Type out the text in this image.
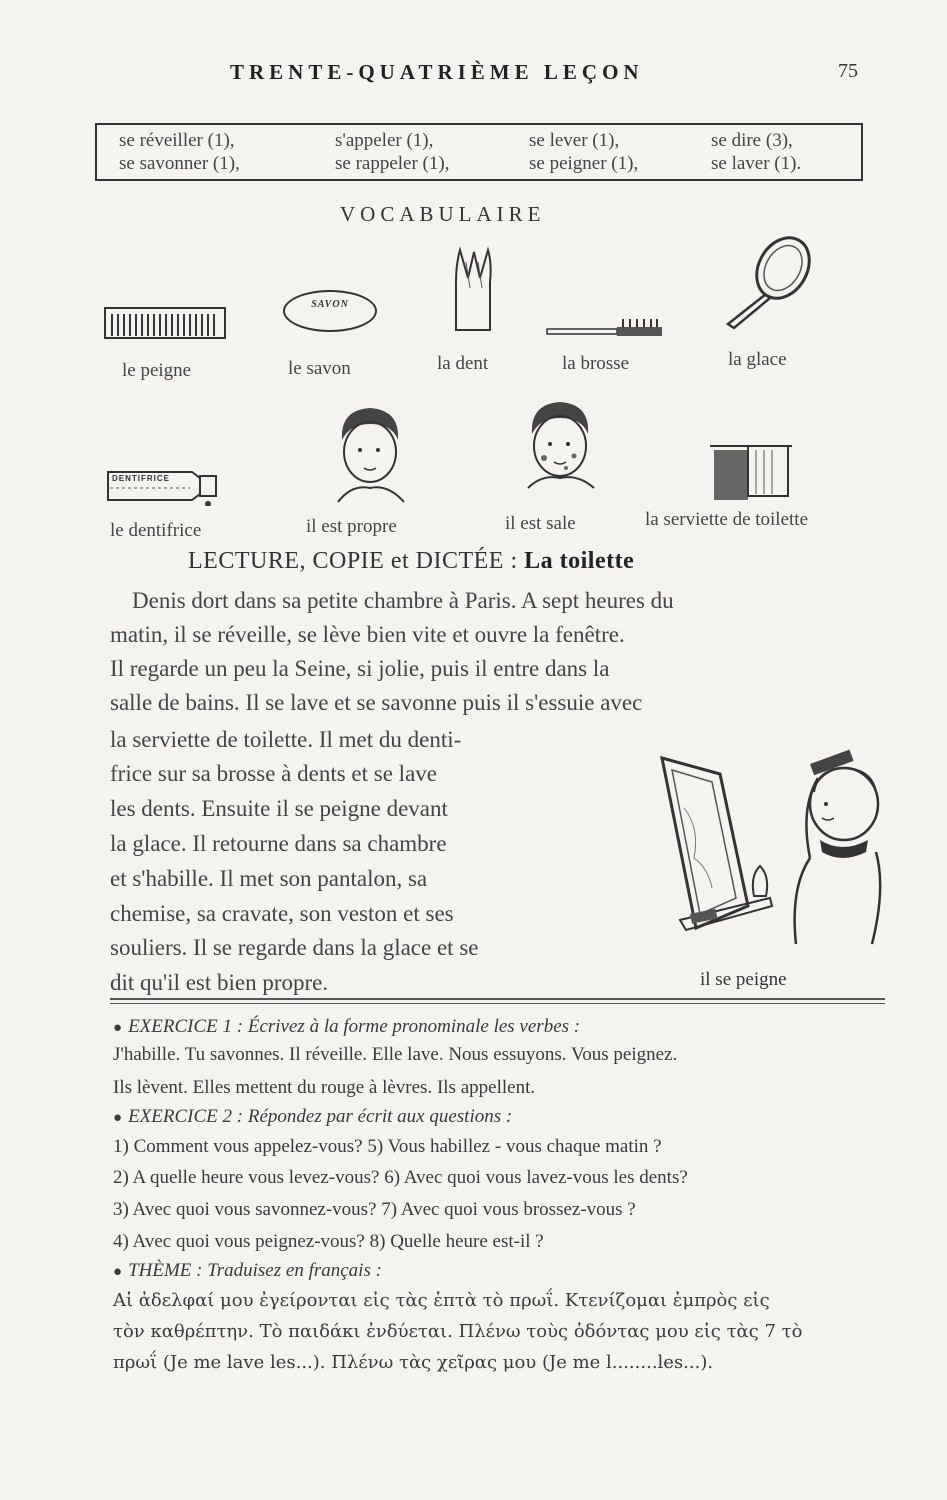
TRENTE-QUATRIÈME LEÇON	75
se réveiller (1),	s'appeler (1),	se lever (1),	se dire (3),
se savonner (1),	se rappeler (1),	se peigner (1),	se laver (1).
VOCABULAIRE
SAVON
le peigne	le savon	la dent	la brosse	la glace
DENTIFRICE
le dentifrice	il est propre	il est sale	la serviette de toilette
LECTURE, COPIE et DICTÉE : La toilette
Denis dort dans sa petite chambre à Paris. A sept heures du
matin, il se réveille, se lève bien vite et ouvre la fenêtre.
Il regarde un peu la Seine, si jolie, puis il entre dans la
salle de bains. Il se lave et se savonne puis il s'essuie avec
la serviette de toilette. Il met du denti-
frice sur sa brosse à dents et se lave
les dents. Ensuite il se peigne devant
la glace. Il retourne dans sa chambre
et s'habille. Il met son pantalon, sa
chemise, sa cravate, son veston et ses
souliers. Il se regarde dans la glace et se
dit qu'il est bien propre.	il se peigne
● EXERCICE 1 : Écrivez à la forme pronominale les verbes :
J'habille. Tu savonnes. Il réveille. Elle lave. Nous essuyons. Vous peignez.
Ils lèvent. Elles mettent du rouge à lèvres. Ils appellent.
● EXERCICE 2 : Répondez par écrit aux questions :
1) Comment vous appelez-vous? 5) Vous habillez - vous chaque matin ?
2) A quelle heure vous levez-vous? 6) Avec quoi vous lavez-vous les dents?
3) Avec quoi vous savonnez-vous? 7) Avec quoi vous brossez-vous ?
4) Avec quoi vous peignez-vous? 8) Quelle heure est-il ?
● THÈME : Traduisez en français :
Αἱ ἀδελφαί μου ἐγείρονται εἰς τὰς ἑπτὰ τὸ πρωΐ. Κτενίζομαι ἐμπρὸς εἰς
τὸν καθρέπτην. Τὸ παιδάκι ἐνδύεται. Πλένω τοὺς ὀδόντας μου εἰς τὰς 7 τὸ
πρωΐ (Je me lave les...). Πλένω τὰς χεῖρας μου (Je me l........les...).
